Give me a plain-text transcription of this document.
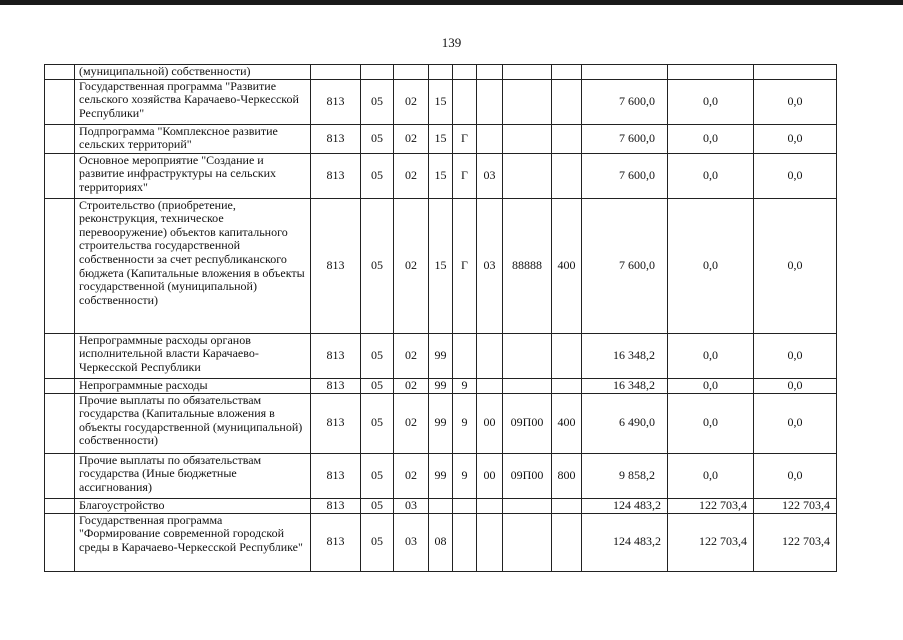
139
	(муниципальной) собственности)											
	Государственная программа "Развитие сельского хозяйства Карачаево-Черкесской Республики"	813	05	02	15					7 600,0	0,0	0,0
	Подпрограмма "Комплексное развитие сельских территорий"	813	05	02	15	Г				7 600,0	0,0	0,0
	Основное мероприятие "Создание и развитие инфраструктуры на сельских территориях"	813	05	02	15	Г	03			7 600,0	0,0	0,0
	Строительство (приобретение, реконструкция, техническое перевооружение) объектов капитального строительства государственной собственности за счет республиканского бюджета (Капитальные вложения в объекты государственной (муниципальной) собственности)	813	05	02	15	Г	03	88888	400	7 600,0	0,0	0,0
	Непрограммные расходы органов исполнительной власти Карачаево-Черкесской Республики	813	05	02	99					16 348,2	0,0	0,0
	Непрограммные расходы	813	05	02	99	9				16 348,2	0,0	0,0
	Прочие выплаты по обязательствам государства (Капитальные вложения в объекты государственной (муниципальной) собственности)	813	05	02	99	9	00	09П00	400	6 490,0	0,0	0,0
	Прочие выплаты по обязательствам государства (Иные бюджетные ассигнования)	813	05	02	99	9	00	09П00	800	9 858,2	0,0	0,0
	Благоустройство	813	05	03						124 483,2	122 703,4	122 703,4
	Государственная программа "Формирование современной городской среды в Карачаево-Черкесской Республике"	813	05	03	08					124 483,2	122 703,4	122 703,4
